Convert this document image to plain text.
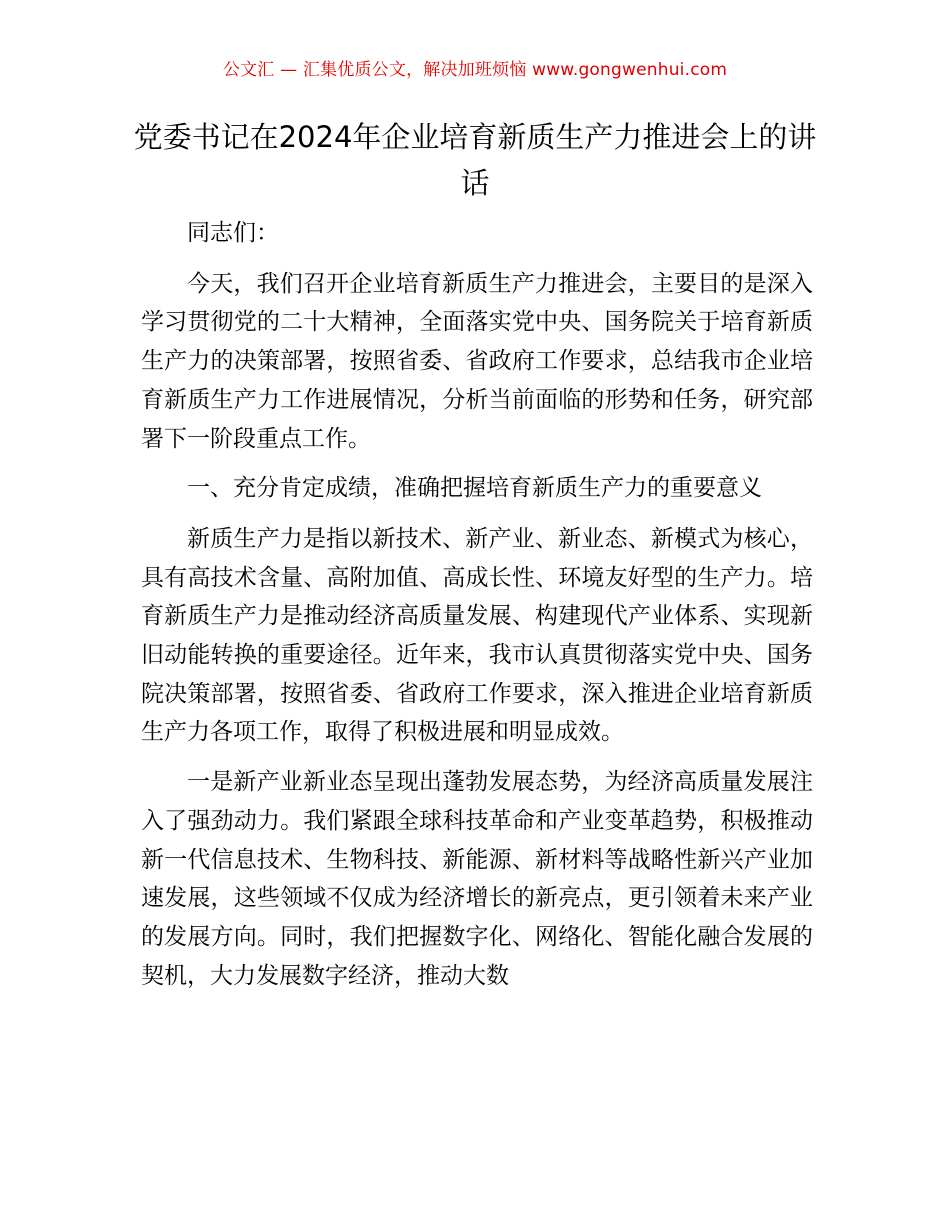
公文汇 — 汇集优质公文，解决加班烦恼 www.gongwenhui.com
党委书记在2024年企业培育新质生产力推进会上的讲话

同志们：

今天，我们召开企业培育新质生产力推进会，主要目的是深入学习贯彻党的二十大精神，全面落实党中央、国务院关于培育新质生产力的决策部署，按照省委、省政府工作要求，总结我市企业培育新质生产力工作进展情况，分析当前面临的形势和任务，研究部署下一阶段重点工作。

一、充分肯定成绩，准确把握培育新质生产力的重要意义

新质生产力是指以新技术、新产业、新业态、新模式为核心，具有高技术含量、高附加值、高成长性、环境友好型的生产力。培育新质生产力是推动经济高质量发展、构建现代产业体系、实现新旧动能转换的重要途径。近年来，我市认真贯彻落实党中央、国务院决策部署，按照省委、省政府工作要求，深入推进企业培育新质生产力各项工作，取得了积极进展和明显成效。

一是新产业新业态呈现出蓬勃发展态势，为经济高质量发展注入了强劲动力。我们紧跟全球科技革命和产业变革趋势，积极推动新一代信息技术、生物科技、新能源、新材料等战略性新兴产业加速发展，这些领域不仅成为经济增长的新亮点，更引领着未来产业的发展方向。同时，我们把握数字化、网络化、智能化融合发展的契机，大力发展数字经济，推动大数
